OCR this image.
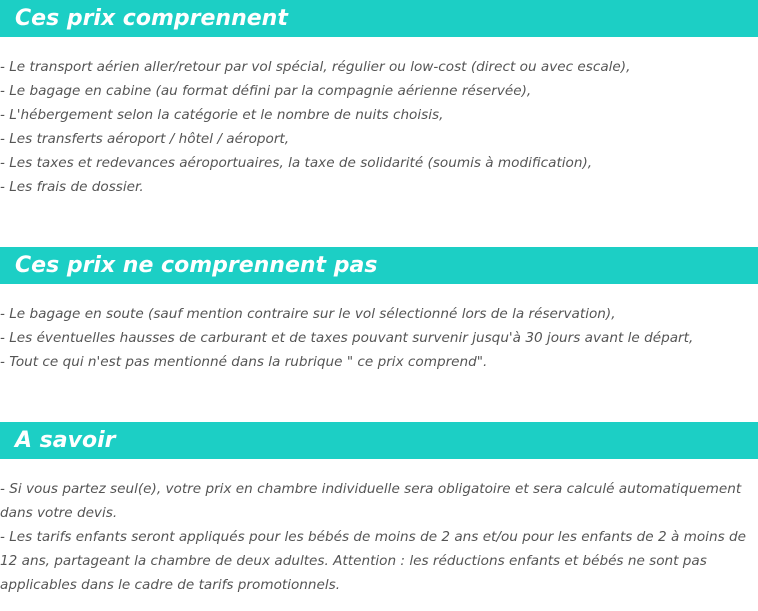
Ces prix comprennent
- Le transport aérien aller/retour par vol spécial, régulier ou low-cost (direct ou avec escale),
- Le bagage en cabine (au format défini par la compagnie aérienne réservée),
- L'hébergement selon la catégorie et le nombre de nuits choisis,
- Les transferts aéroport / hôtel / aéroport,
- Les taxes et redevances aéroportuaires, la taxe de solidarité (soumis à modification),
- Les frais de dossier.
Ces prix ne comprennent pas
- Le bagage en soute (sauf mention contraire sur le vol sélectionné lors de la réservation),
- Les éventuelles hausses de carburant et de taxes pouvant survenir jusqu'à 30 jours avant le départ,
- Tout ce qui n'est pas mentionné dans la rubrique " ce prix comprend".
A savoir
- Si vous partez seul(e), votre prix en chambre individuelle sera obligatoire et sera calculé automatiquement dans votre devis.
- Les tarifs enfants seront appliqués pour les bébés de moins de 2 ans et/ou pour les enfants de 2 à moins de 12 ans, partageant la chambre de deux adultes. Attention : les réductions enfants et bébés ne sont pas applicables dans le cadre de tarifs promotionnels.
